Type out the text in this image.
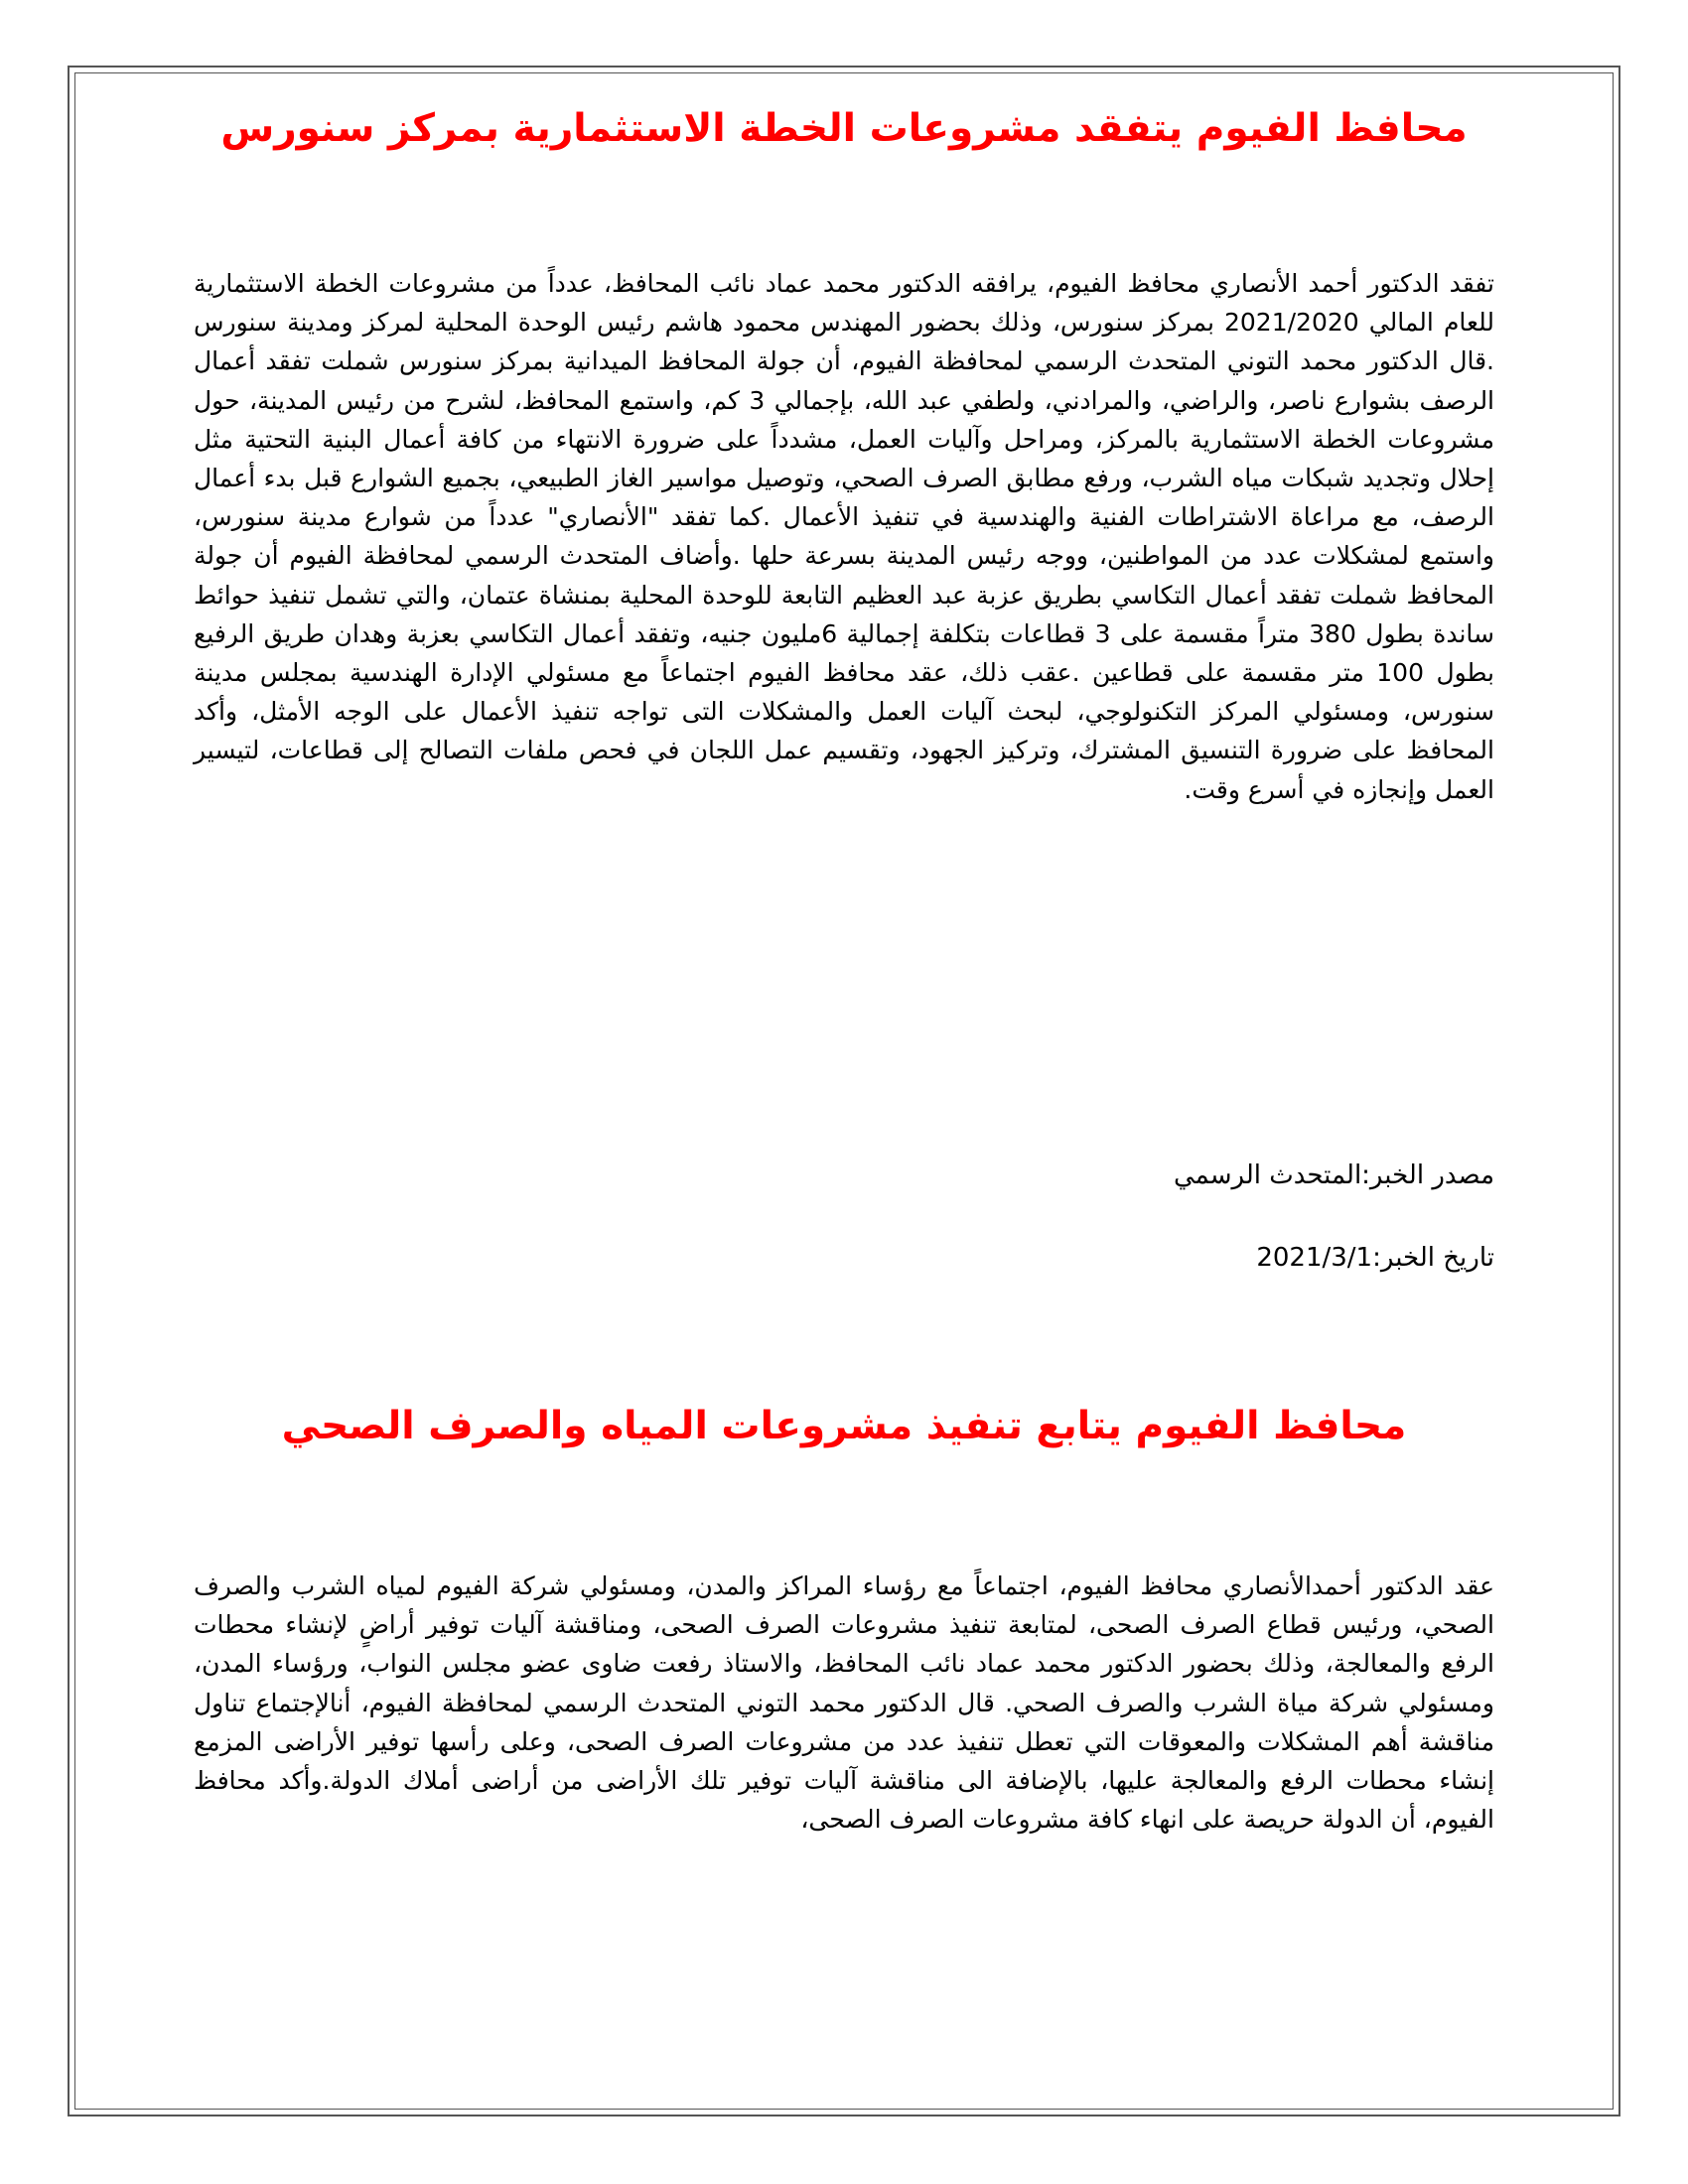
محافظ الفيوم يتفقد مشروعات الخطة الاستثمارية بمركز سنورس

تفقد الدكتور أحمد الأنصاري محافظ الفيوم، يرافقه الدكتور محمد عماد نائب المحافظ، عدداً من مشروعات الخطة الاستثمارية للعام المالي 2021/2020 بمركز سنورس، وذلك بحضور المهندس محمود هاشم رئيس الوحدة المحلية لمركز ومدينة سنورس .قال الدكتور محمد التوني المتحدث الرسمي لمحافظة الفيوم، أن جولة المحافظ الميدانية بمركز سنورس شملت تفقد أعمال الرصف بشوارع ناصر، والراضي، والمرادني، ولطفي عبد الله، بإجمالي 3 كم، واستمع المحافظ، لشرح من رئيس المدينة، حول مشروعات الخطة الاستثمارية بالمركز، ومراحل وآليات العمل، مشدداً على ضرورة الانتهاء من كافة أعمال البنية التحتية مثل إحلال وتجديد شبكات مياه الشرب، ورفع مطابق الصرف الصحي، وتوصيل مواسير الغاز الطبيعي، بجميع الشوارع قبل بدء أعمال الرصف، مع مراعاة الاشتراطات الفنية والهندسية في تنفيذ الأعمال .كما تفقد "الأنصاري" عدداً من شوارع مدينة سنورس، واستمع لمشكلات عدد من المواطنين، ووجه رئيس المدينة بسرعة حلها .وأضاف المتحدث الرسمي لمحافظة الفيوم أن جولة المحافظ شملت تفقد أعمال التكاسي بطريق عزبة عبد العظيم التابعة للوحدة المحلية بمنشاة عتمان، والتي تشمل تنفيذ حوائط ساندة بطول 380 متراً مقسمة على 3 قطاعات بتكلفة إجمالية 6مليون جنيه، وتفقد أعمال التكاسي بعزبة وهدان طريق الرفيع بطول 100 متر مقسمة على قطاعين .عقب ذلك، عقد محافظ الفيوم اجتماعاً مع مسئولي الإدارة الهندسية بمجلس مدينة سنورس، ومسئولي المركز التكنولوجي، لبحث آليات العمل والمشكلات التى تواجه تنفيذ الأعمال على الوجه الأمثل، وأكد المحافظ على ضرورة التنسيق المشترك، وتركيز الجهود، وتقسيم عمل اللجان في فحص ملفات التصالح إلى قطاعات، لتيسير العمل وإنجازه في أسرع وقت.

مصدر الخبر:المتحدث الرسمي

تاريخ الخبر:2021/3/1

محافظ الفيوم يتابع تنفيذ مشروعات المياه والصرف الصحي

عقد الدكتور أحمدالأنصاري محافظ الفيوم، اجتماعاً مع رؤساء المراكز والمدن، ومسئولي شركة الفيوم لمياه الشرب والصرف الصحي، ورئيس قطاع الصرف الصحى، لمتابعة تنفيذ مشروعات الصرف الصحى، ومناقشة آليات توفير أراضٍ لإنشاء محطات الرفع والمعالجة، وذلك بحضور الدكتور محمد عماد نائب المحافظ، والاستاذ رفعت ضاوى عضو مجلس النواب، ورؤساء المدن، ومسئولي شركة مياة الشرب والصرف الصحي. قال الدكتور محمد التوني المتحدث الرسمي لمحافظة الفيوم، أنالإجتماع تناول مناقشة أهم المشكلات والمعوقات التي تعطل تنفيذ عدد من مشروعات الصرف الصحى، وعلى رأسها توفير الأراضى المزمع إنشاء محطات الرفع والمعالجة عليها، بالإضافة الى مناقشة آليات توفير تلك الأراضى من أراضى أملاك الدولة.وأكد محافظ الفيوم، أن الدولة حريصة على انهاء كافة مشروعات الصرف الصحى،
